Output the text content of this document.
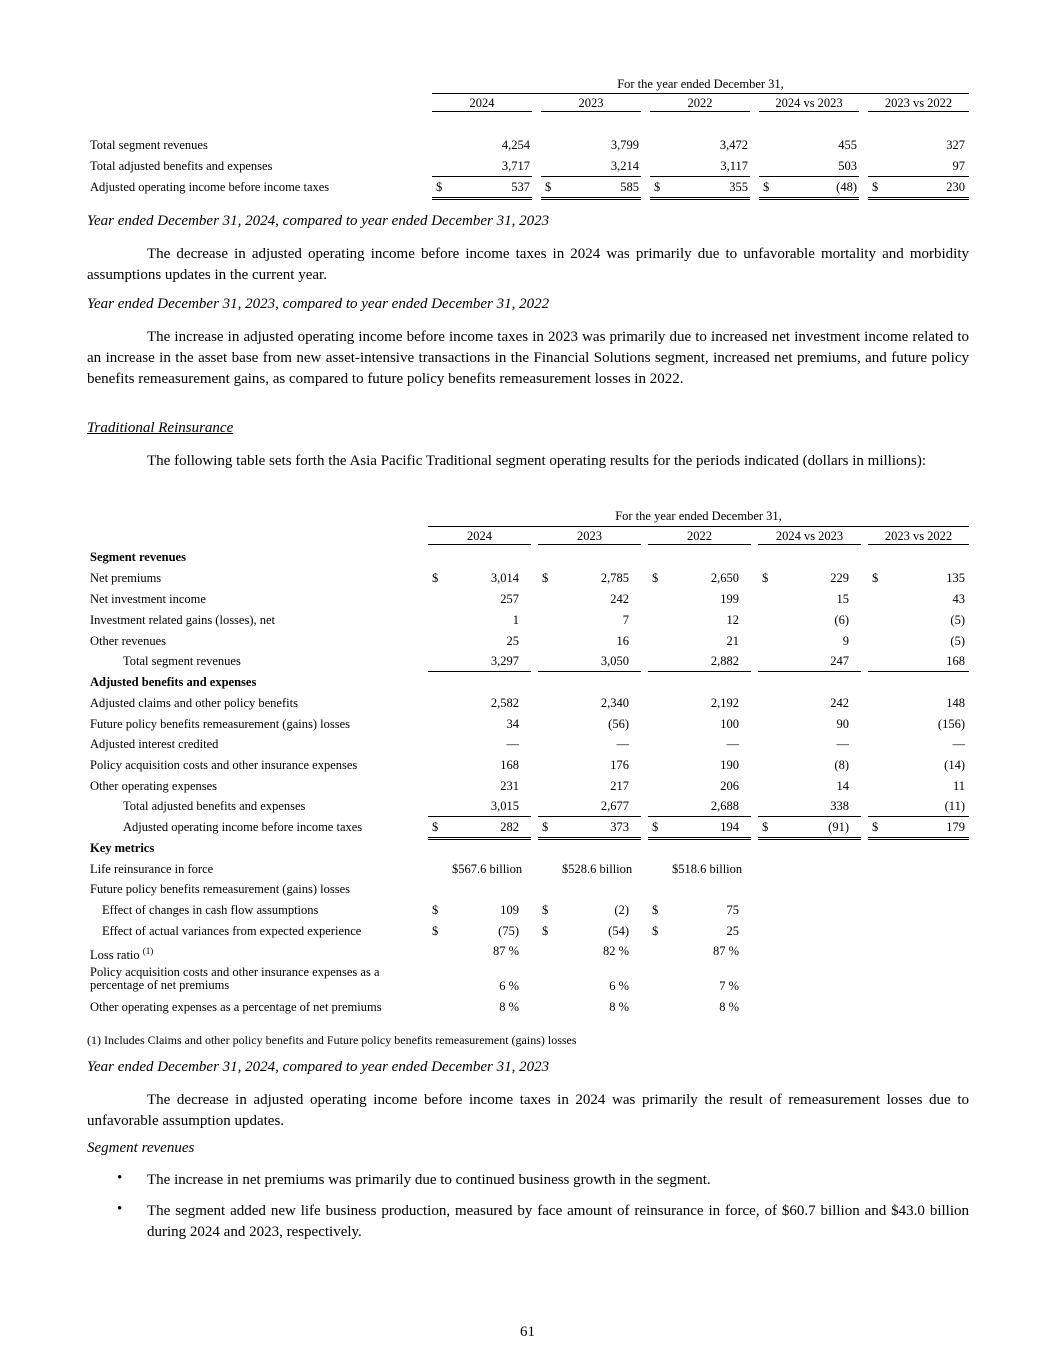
For the year ended December 31,
2024	2023	2022	2024 vs 2023	2023 vs 2022
Total segment revenues	4,254	3,799	3,472	455	327
Total adjusted benefits and expenses	3,717	3,214	3,117	503	97
Adjusted operating income before income taxes	$	537 $	585 $	355 $	(48) $	230
Year ended December 31, 2024, compared to year ended December 31, 2023
The decrease in adjusted operating income before income taxes in 2024 was primarily due to unfavorable mortality and morbidity assumptions updates in the current year.
Year ended December 31, 2023, compared to year ended December 31, 2022
The increase in adjusted operating income before income taxes in 2023 was primarily due to increased net investment income related to an increase in the asset base from new asset-intensive transactions in the Financial Solutions segment, increased net premiums, and future policy benefits remeasurement gains, as compared to future policy benefits remeasurement losses in 2022.
Traditional Reinsurance
The following table sets forth the Asia Pacific Traditional segment operating results for the periods indicated (dollars in millions):
For the year ended December 31,
2024	2023	2022	2024 vs 2023	2023 vs 2022
Segment revenues
Net premiums	$	3,014 $	2,785 $	2,650 $	229 $	135
Net investment income	257	242	199	15	43
Investment related gains (losses), net	1	7	12	(6)	(5)
Other revenues	25	16	21	9	(5)
Total segment revenues	3,297	3,050	2,882	247	168
Adjusted benefits and expenses
Adjusted claims and other policy benefits	2,582	2,340	2,192	242	148
Future policy benefits remeasurement (gains) losses	34	(56)	100	90	(156)
Adjusted interest credited	—	—	—	—	—
Policy acquisition costs and other insurance expenses	168	176	190	(8)	(14)
Other operating expenses	231	217	206	14	11
Total adjusted benefits and expenses	3,015	2,677	2,688	338	(11)
Adjusted operating income before income taxes	$	282 $	373 $	194 $	(91) $	179
Key metrics
Life reinsurance in force	$567.6 billion	$528.6 billion	$518.6 billion
Future policy benefits remeasurement (gains) losses
Effect of changes in cash flow assumptions	$	109 $	(2) $	75
Effect of actual variances from expected experience	$	(75) $	(54) $	25
Loss ratio $^{(1)}$	87 %	82 %	87 %
Policy acquisition costs and other insurance expenses as a
percentage of net premiums	6 %	6 %	7 %
Other operating expenses as a percentage of net premiums	8 %	8 %	8 %
(1) Includes Claims and other policy benefits and Future policy benefits remeasurement (gains) losses
Year ended December 31, 2024, compared to year ended December 31, 2023
The decrease in adjusted operating income before income taxes in 2024 was primarily the result of remeasurement losses due to unfavorable assumption updates.
Segment revenues
• The increase in net premiums was primarily due to continued business growth in the segment.
• The segment added new life business production, measured by face amount of reinsurance in force, of $60.7 billion and $43.0 billion during 2024 and 2023, respectively.
61
